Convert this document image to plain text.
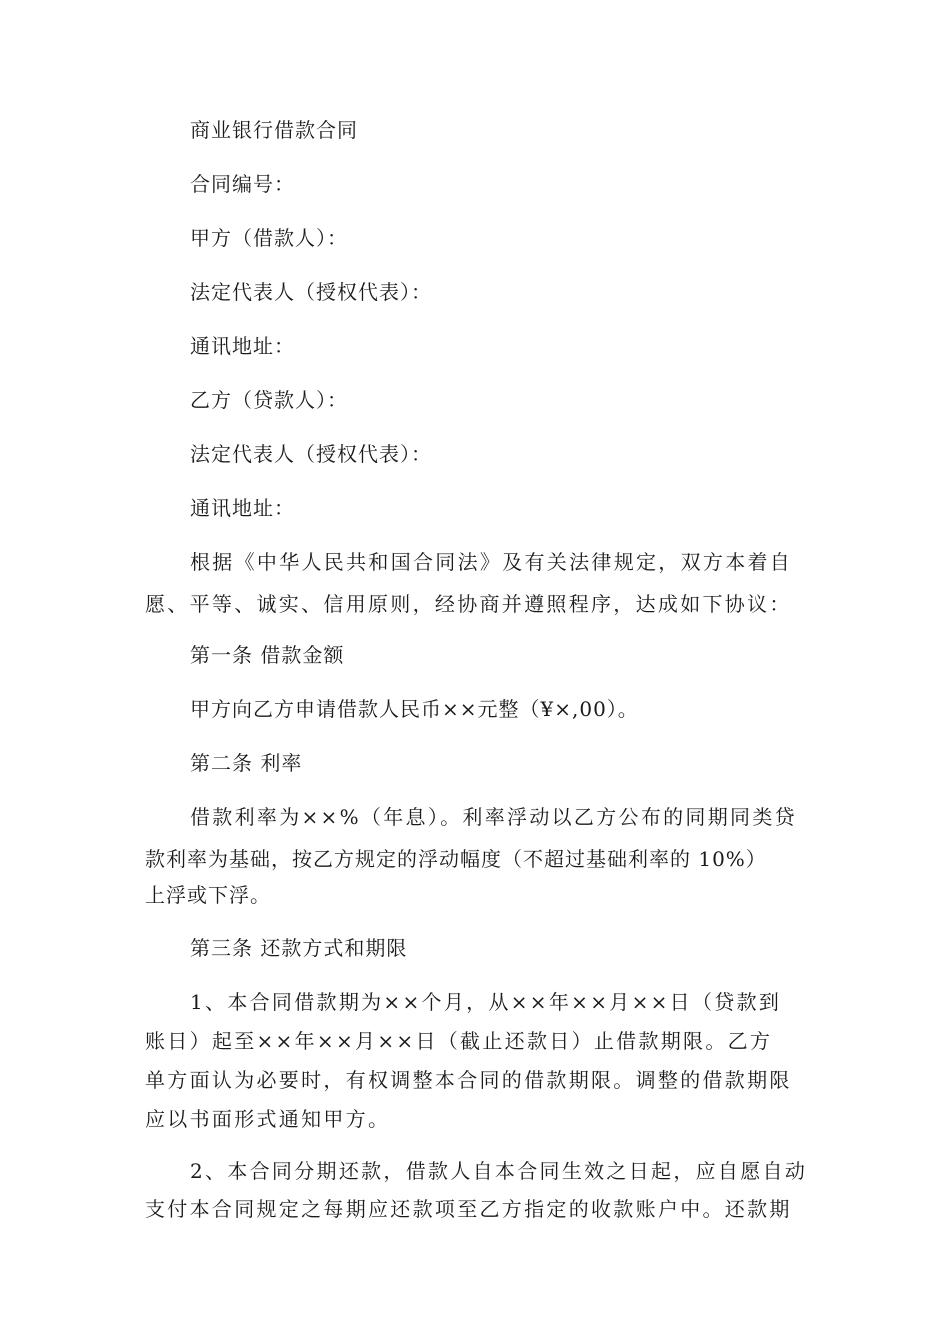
商业银行借款合同
合同编号：
甲方（借款人）：
法定代表人（授权代表）：
通讯地址：
乙方（贷款人）：
法定代表人（授权代表）：
通讯地址：
根据《中华人民共和国合同法》及有关法律规定，双方本着自
愿、平等、诚实、信用原则，经协商并遵照程序，达成如下协议：
第一条 借款金额
甲方向乙方申请借款人民币××元整（¥×,00）。
第二条 利率
借款利率为××%（年息）。利率浮动以乙方公布的同期同类贷
款利率为基础，按乙方规定的浮动幅度（不超过基础利率的 10%）
上浮或下浮。
第三条 还款方式和期限
1、本合同借款期为××个月，从××年××月××日（贷款到
账日）起至××年××月××日（截止还款日）止借款期限。乙方
单方面认为必要时，有权调整本合同的借款期限。调整的借款期限
应以书面形式通知甲方。
2、本合同分期还款，借款人自本合同生效之日起，应自愿自动
支付本合同规定之每期应还款项至乙方指定的收款账户中。还款期
